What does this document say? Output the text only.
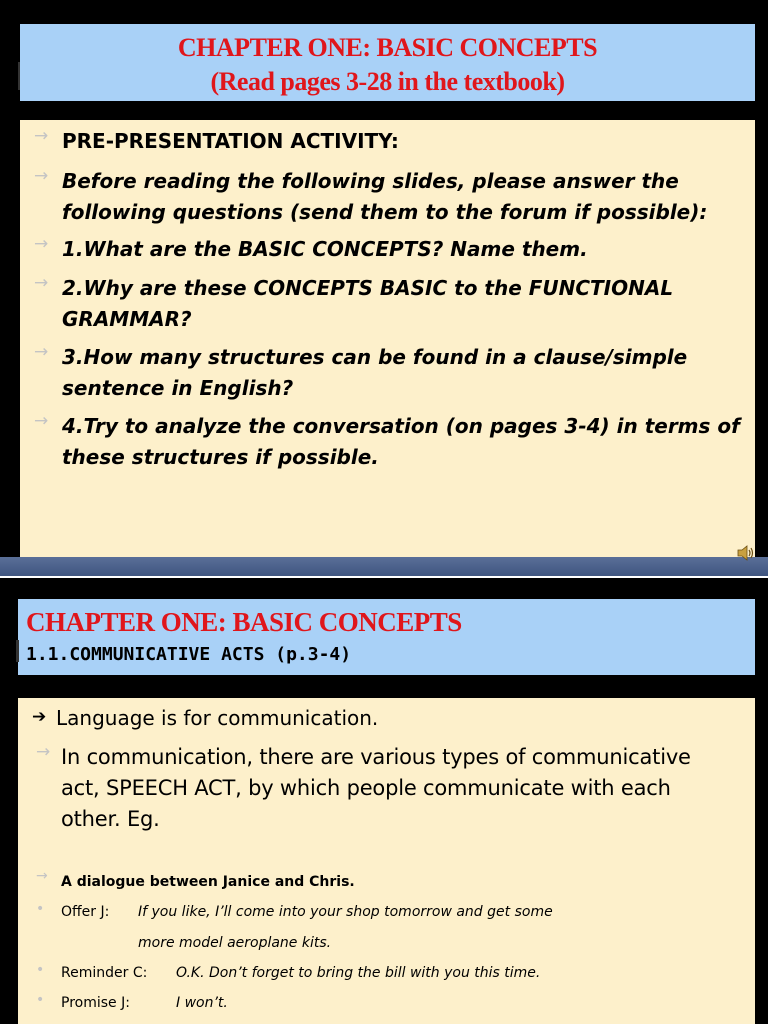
CHAPTER ONE: BASIC CONCEPTS
(Read pages 3-28 in the textbook)
→ PRE-PRESENTATION ACTIVITY:
→ Before reading the following slides, please answer the
following questions (send them to the forum if possible):
→ 1.What are the BASIC CONCEPTS? Name them.
→ 2.Why are these CONCEPTS BASIC to the FUNCTIONAL
GRAMMAR?
→ 3.How many structures can be found in a clause/simple
sentence in English?
→ 4.Try to analyze the conversation (on pages 3-4) in terms of
these structures if possible.
CHAPTER ONE: BASIC CONCEPTS
1.1.COMMUNICATIVE ACTS (p.3-4)
➔ Language is for communication.
→ In communication, there are various types of communicative
act, SPEECH ACT, by which people communicate with each
other. Eg.
→ A dialogue between Janice and Chris.
• Offer J: If you like, I’ll come into your shop tomorrow and get some
more model aeroplane kits.
• Reminder C: O.K. Don’t forget to bring the bill with you this time.
• Promise J:	I won’t.
